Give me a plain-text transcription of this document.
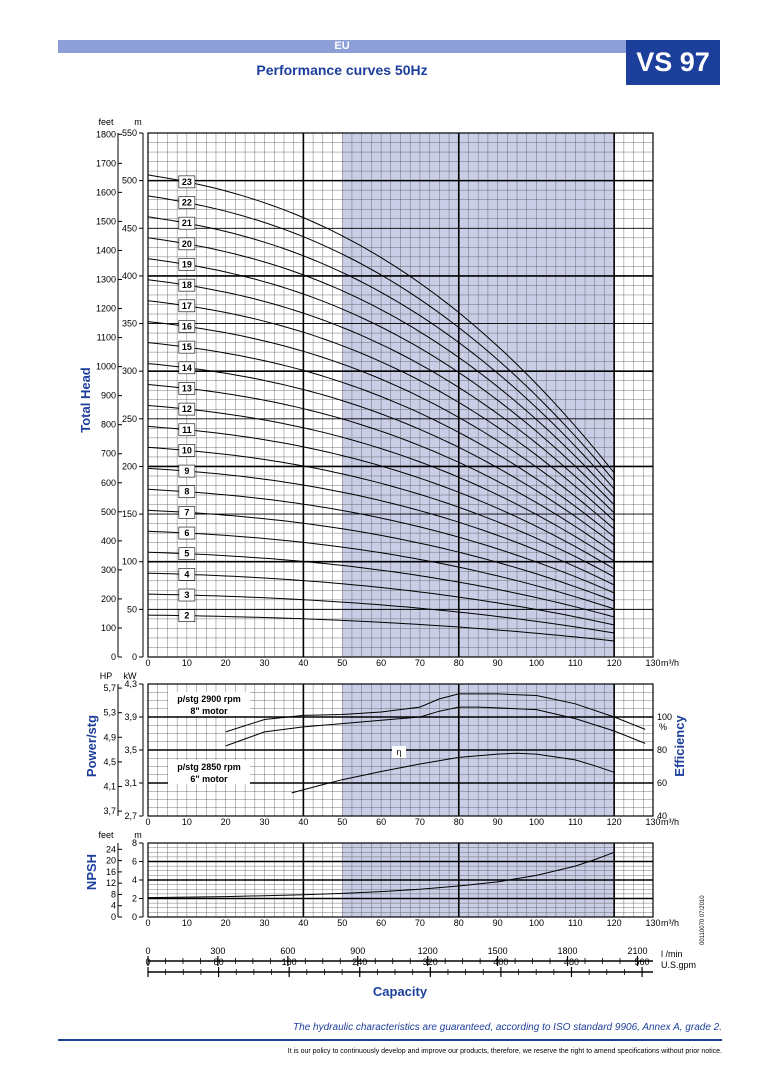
EU
Performance curves 50Hz	VS 97
0
50
100
150
200
250
300
350
400
450
500
550
0
100
200
300
400
500
600
700
800
900
1000
1100
1200
1300
1400
1500
1600
1700
1800
feet m
Total Head
0	10	20	30	40	50	60	70	80	90	100	110	120	130 m³/h
2
3
4
5
6
7
8
9
10
11
12
13
14
15
16
17
18
19
20
21
22
23
2,7
3,1
3,5
3,9
4,3
3,7
4,1
4,5
4,9
5,3
5,7
HP kW
Power/stg
40
60
80
100
% Efficiency
0	10	20	30	40	50	60	70	80	90	100	110	120	130 m³/h
p/stg 2900 rpm
8" motor
p/stg 2850 rpm
6" motor
η
0
2
4
6
8
0
4
8
12
16
20
24
feet m
NPSH
0	10	20	30	40	50	60	70	80	90	100	110	120	130 m³/h
0	300	600	900	1200	1500	1800	2100 l /min
0	80	160	240	320	400	480	560 U.S.gpm
Capacity
00110070 07/2010
The hydraulic characteristics are guaranteed, according to ISO standard 9906, Annex A, grade 2.
It is our policy to continuously develop and improve our products, therefore, we reserve the right to amend specifications without prior notice.
